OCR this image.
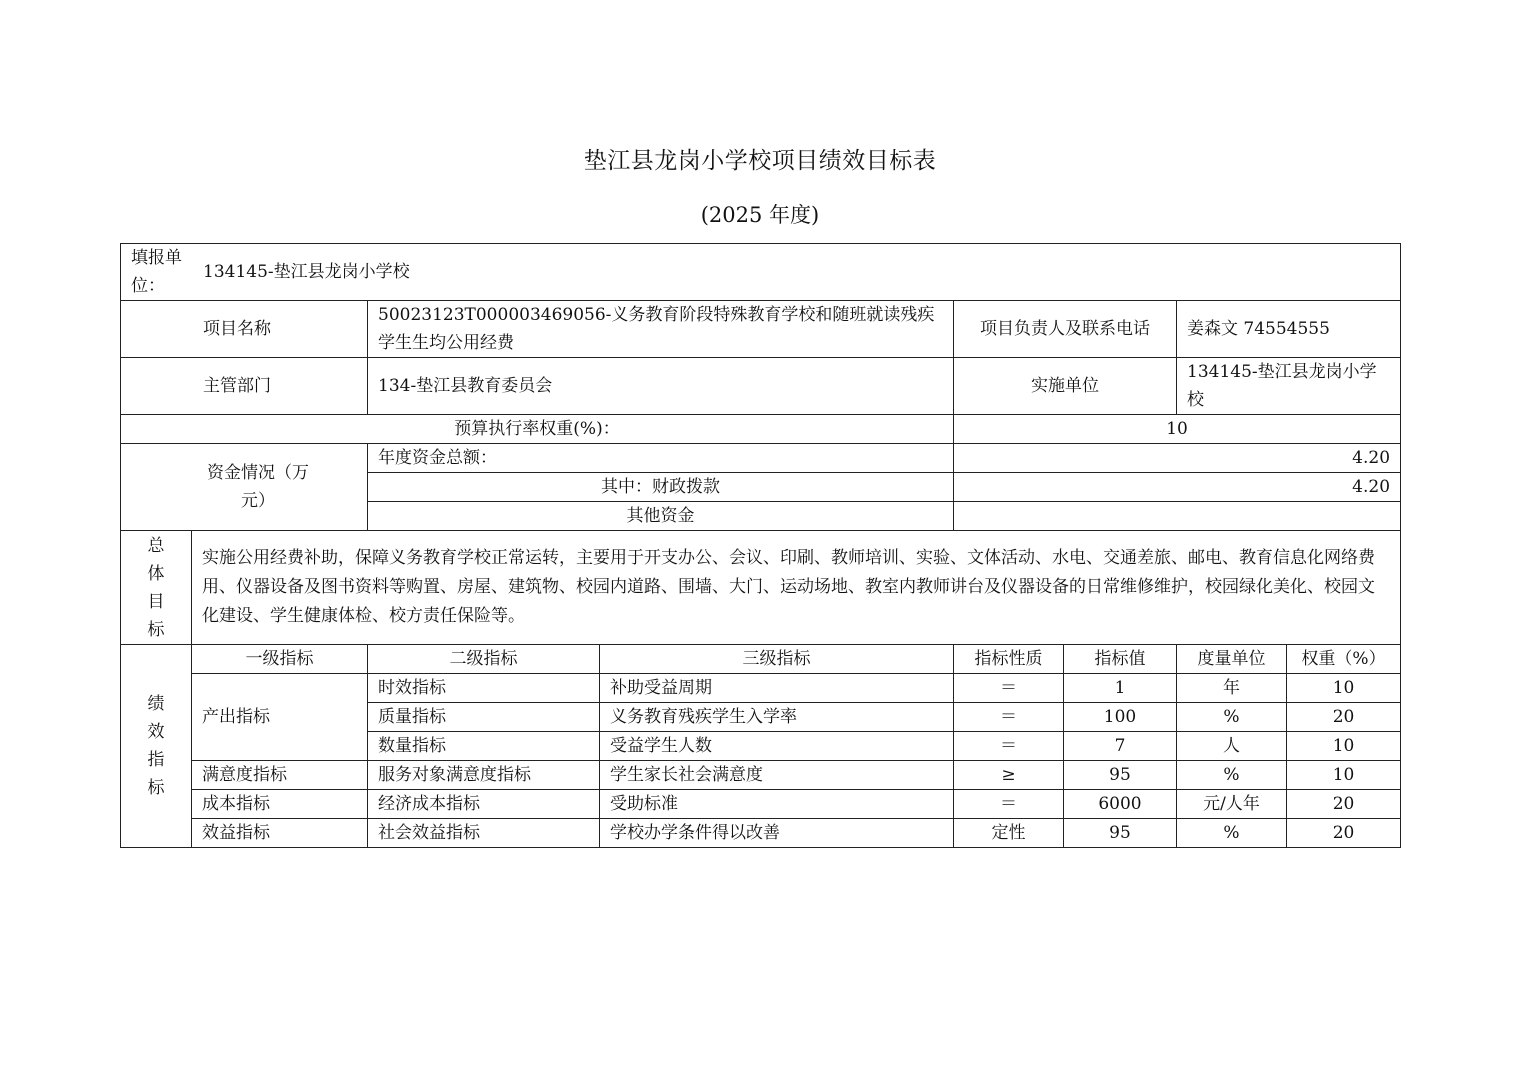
垫江县龙岗小学校项目绩效目标表
(2025 年度)
填报单位：
134145-垫江县龙岗小学校							

项目名称		50023123T000003469056-义务教育阶段特殊教育学校和随班就读残疾学生生均公用经费		项目负责人及联系电话		姜森文 74554555	
主管部门		134-垫江县教育委员会		实施单位		134145-垫江县龙岗小学校	
预算执行率权重(%)：				10			

资金情况（万元）		年度资金总额：		4.20			
		其中：财政拨款		4.20			
		其他资金					

总体目标	实施公用经费补助，保障义务教育学校正常运转，主要用于开支办公、会议、印刷、教师培训、实验、文体活动、水电、交通差旅、邮电、教育信息化网络费用、仪器设备及图书资料等购置、房屋、建筑物、校园内道路、围墙、大门、运动场地、教室内教师讲台及仪器设备的日常维修维护，校园绿化美化、校园文化建设、学生健康体检、校方责任保险等。						

绩效指标	一级指标	二级指标	三级指标	指标性质	指标值	度量单位	权重（%）
	产出指标	时效指标	补助受益周期	＝	1	年	10
		质量指标	义务教育残疾学生入学率	＝	100	%	20
		数量指标	受益学生人数	＝	7	人	10
	满意度指标	服务对象满意度指标	学生家长社会满意度	≥	95	%	10
	成本指标	经济成本指标	受助标准	＝	6000	元/人年	20
	效益指标	社会效益指标	学校办学条件得以改善	定性	95	%	20
